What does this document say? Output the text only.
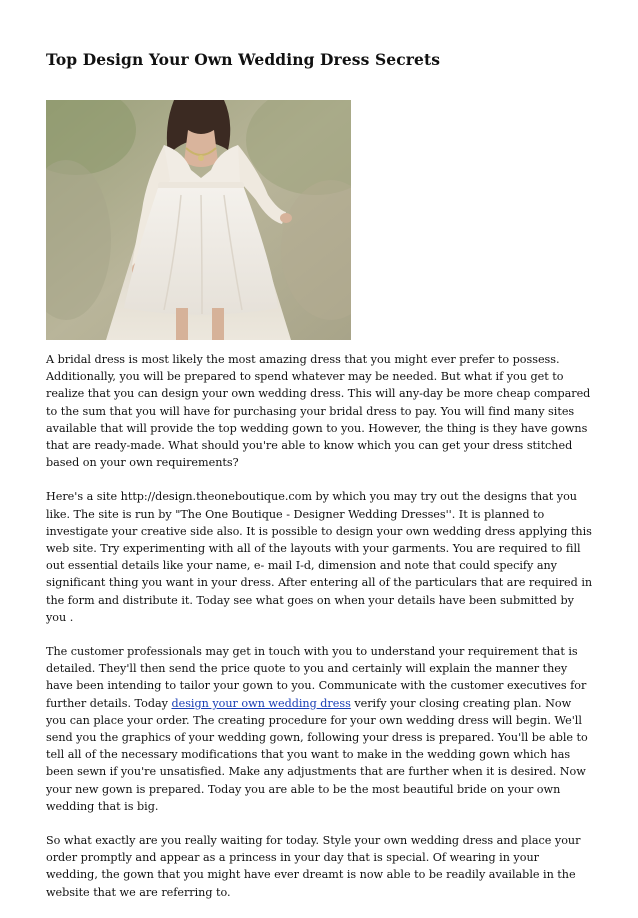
Top Design Your Own Wedding Dress Secrets

A bridal dress is most likely the most amazing dress that you might ever prefer to possess. Additionally, you will be prepared to spend whatever may be needed. But what if you get to realize that you can design your own wedding dress. This will any-day be more cheap compared to the sum that you will have for purchasing your bridal dress to pay. You will find many sites available that will provide the top wedding gown to you. However, the thing is they have gowns that are ready-made. What should you're able to know which you can get your dress stitched based on your own requirements?

Here's a site http://design.theoneboutique.com by which you may try out the designs that you like. The site is run by "The One Boutique - Designer Wedding Dresses''. It is planned to investigate your creative side also. It is possible to design your own wedding dress applying this web site. Try experimenting with all of the layouts with your garments. You are required to fill out essential details like your name, e- mail I-d, dimension and note that could specify any significant thing you want in your dress. After entering all of the particulars that are required in the form and distribute it. Today see what goes on when your details have been submitted by you .

The customer professionals may get in touch with you to understand your requirement that is detailed. They'll then send the price quote to you and certainly will explain the manner they have been intending to tailor your gown to you. Communicate with the customer executives for further details. Today design your own wedding dress verify your closing creating plan. Now you can place your order. The creating procedure for your own wedding dress will begin. We'll send you the graphics of your wedding gown, following your dress is prepared. You'll be able to tell all of the necessary modifications that you want to make in the wedding gown which has been sewn if you're unsatisfied. Make any adjustments that are further when it is desired. Now your new gown is prepared. Today you are able to be the most beautiful bride on your own wedding that is big.

So what exactly are you really waiting for today. Style your own wedding dress and place your order promptly and appear as a princess in your day that is special. Of wearing in your wedding, the gown that you might have ever dreamt is now able to be readily available in the website that we are referring to.
